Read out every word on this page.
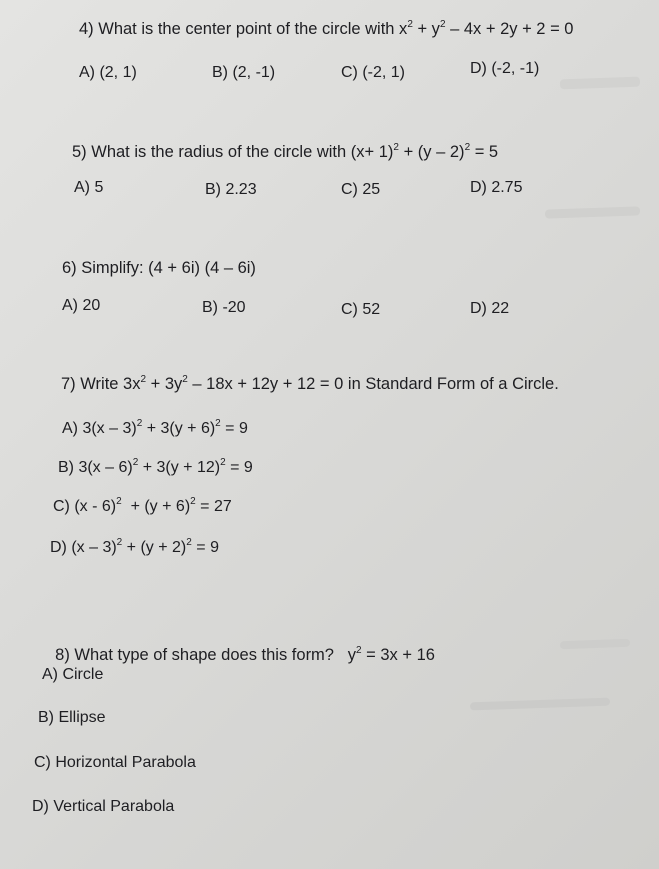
4) What is the center point of the circle with $x^2 + y^2 - 4x + 2y + 2 = 0$
A) (2, 1)	B) (2, -1)	C) (-2, 1)	D) (-2, -1)
5) What is the radius of the circle with $(x+ 1)^2 + (y - 2)^2 = 5$
A) 5	B) 2.23	C) 25	D) 2.75
6) Simplify: (4 + 6i) (4 – 6i)
A) 20	B) -20	C) 52	D) 22
7) Write $3x^2 + 3y^2 - 18x + 12y + 12 = 0$ in Standard Form of a Circle.
A) $3(x - 3)^2 + 3(y + 6)^2 = 9$
B) $3(x - 6)^2 + 3(y + 12)^2 = 9$
C) $(x - 6)^2 + (y + 6)^2 = 27$
D) $(x - 3)^2 + (y + 2)^2 = 9$

8) What type of shape does this form?   $y^2 = 3x + 16$

A) Circle
B) Ellipse
C) Horizontal Parabola
D) Vertical Parabola
